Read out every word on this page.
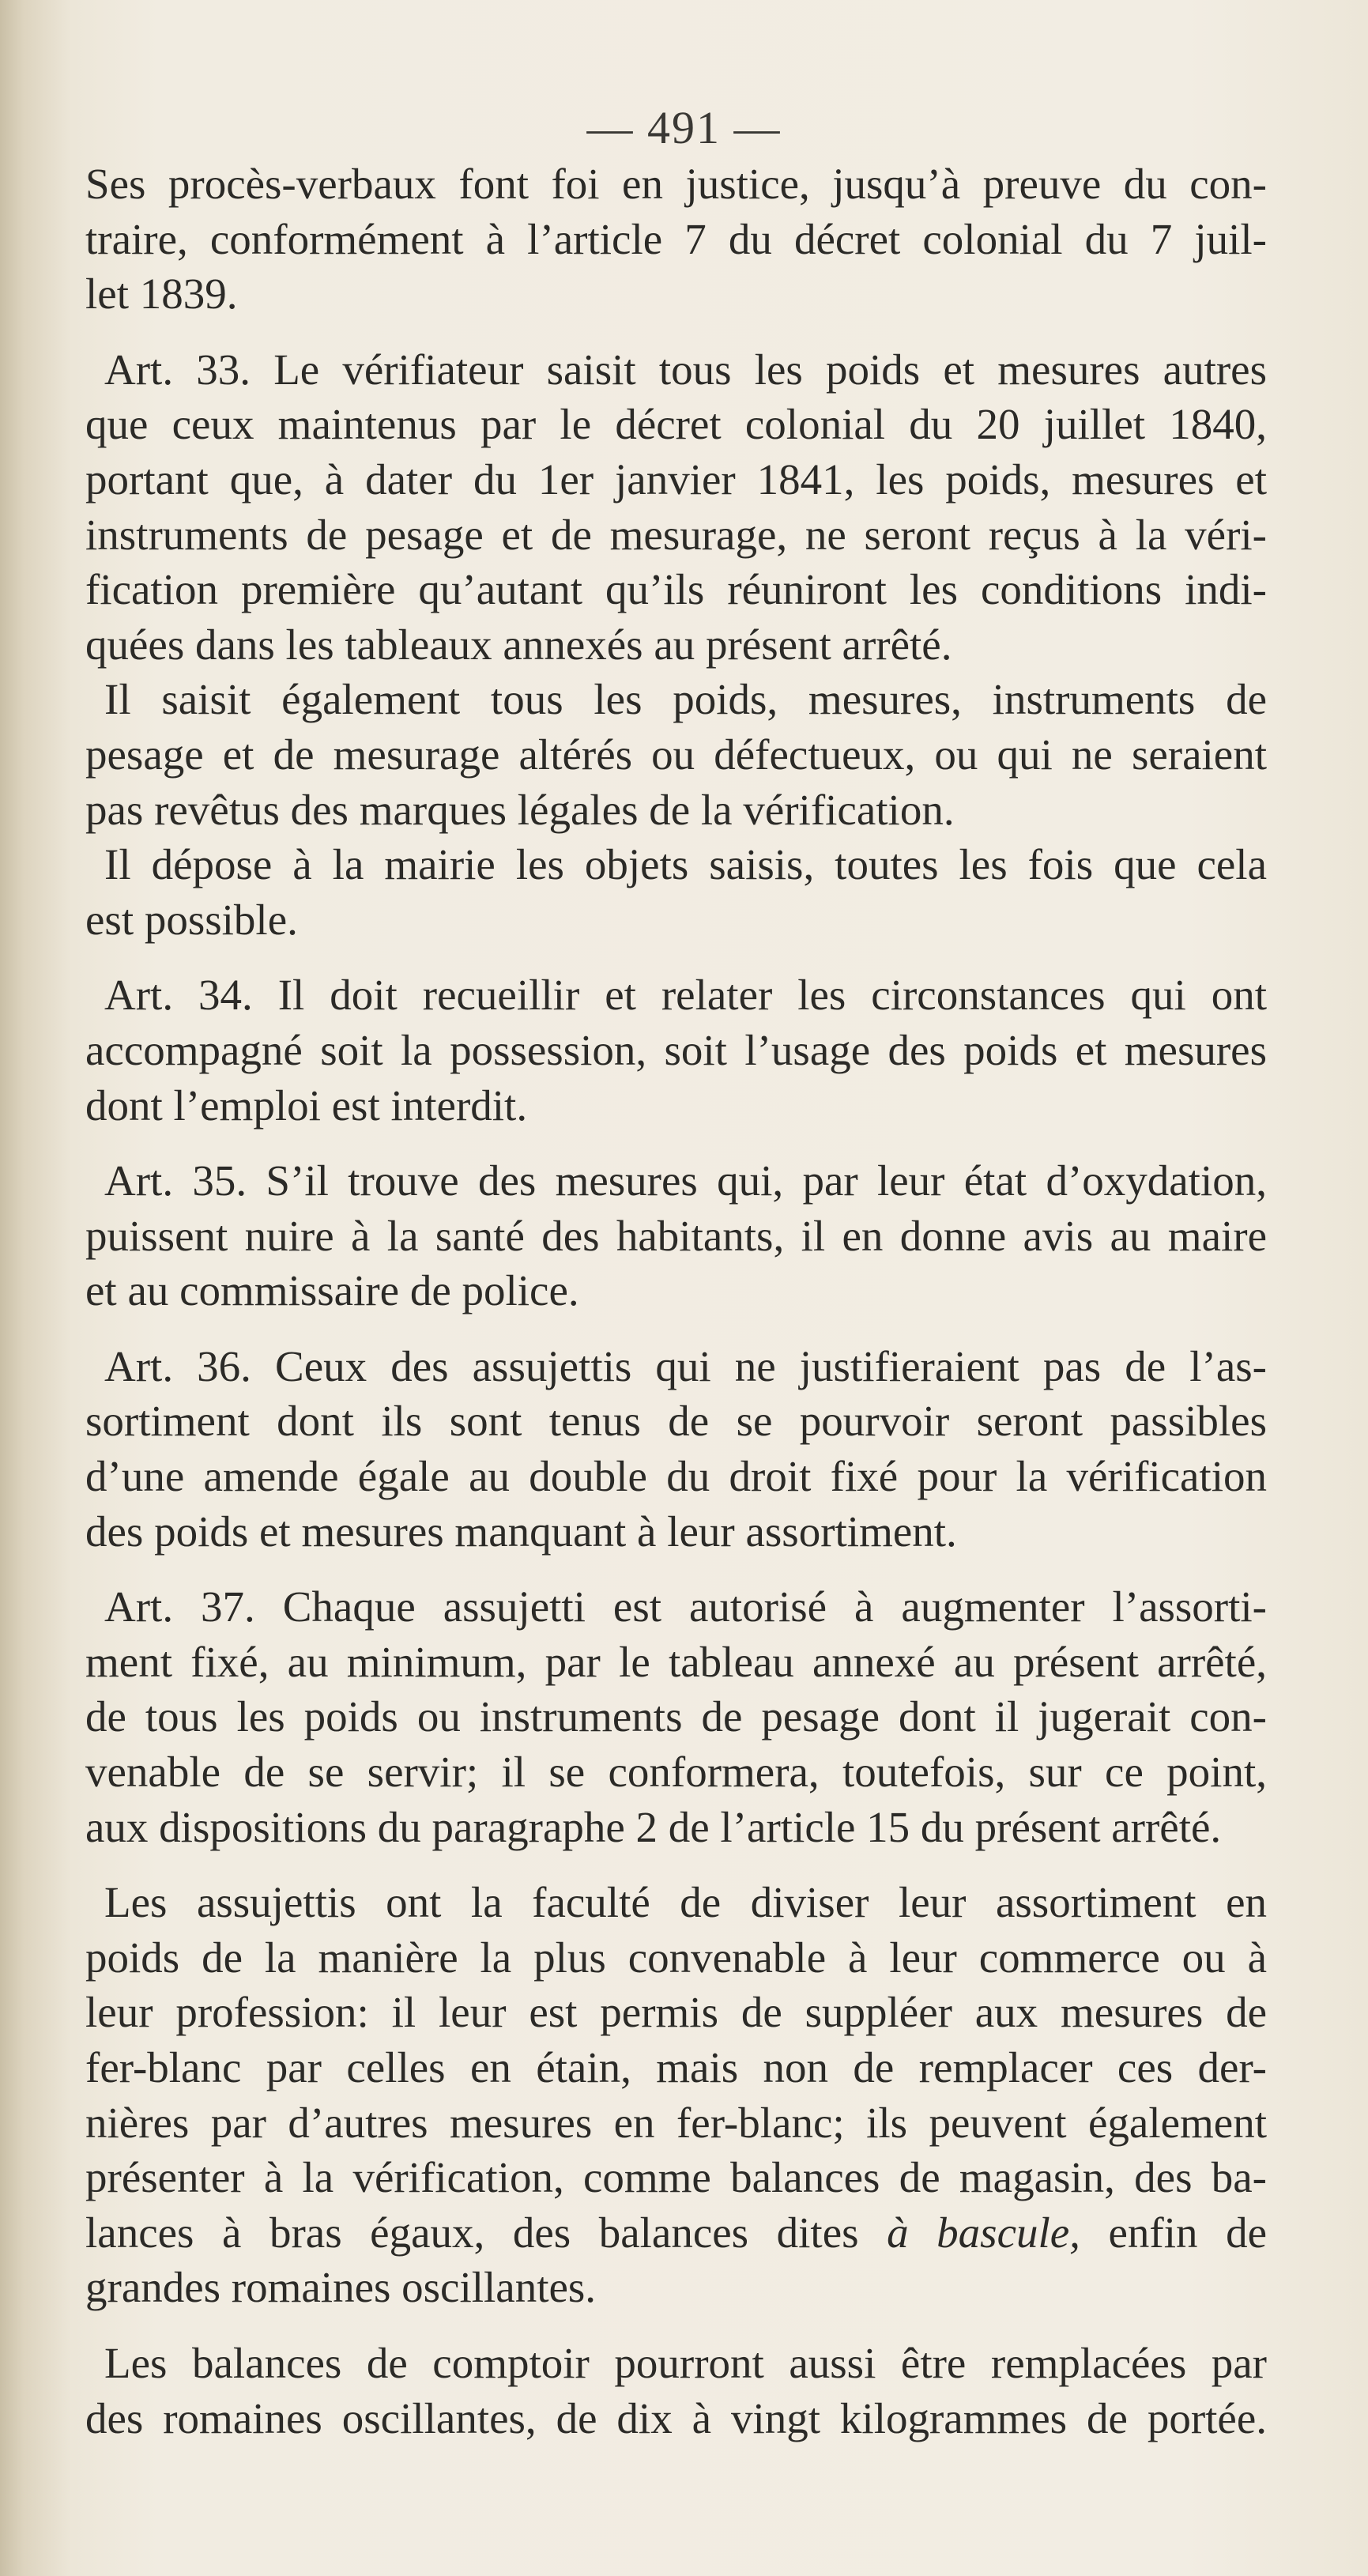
— 491 —

Ses procès-verbaux font foi en justice, jusqu’à preuve du con-
traire, conformément à l’article 7 du décret colonial du 7 juil-
let 1839.

Art. 33. Le vérifiateur saisit tous les poids et mesures autres
que ceux maintenus par le décret colonial du 20 juillet 1840,
portant que, à dater du 1er janvier 1841, les poids, mesures et
instruments de pesage et de mesurage, ne seront reçus à la véri-
fication première qu’autant qu’ils réuniront les conditions indi-
quées dans les tableaux annexés au présent arrêté.

Il saisit également tous les poids, mesures, instruments de
pesage et de mesurage altérés ou défectueux, ou qui ne seraient
pas revêtus des marques légales de la vérification.

Il dépose à la mairie les objets saisis, toutes les fois que cela
est possible.

Art. 34. Il doit recueillir et relater les circonstances qui ont
accompagné soit la possession, soit l’usage des poids et mesures
dont l’emploi est interdit.

Art. 35. S’il trouve des mesures qui, par leur état d’oxydation,
puissent nuire à la santé des habitants, il en donne avis au maire
et au commissaire de police.

Art. 36. Ceux des assujettis qui ne justifieraient pas de l’as-
sortiment dont ils sont tenus de se pourvoir seront passibles
d’une amende égale au double du droit fixé pour la vérification
des poids et mesures manquant à leur assortiment.

Art. 37. Chaque assujetti est autorisé à augmenter l’assorti-
ment fixé, au minimum, par le tableau annexé au présent arrêté,
de tous les poids ou instruments de pesage dont il jugerait con-
venable de se servir; il se conformera, toutefois, sur ce point,
aux dispositions du paragraphe 2 de l’article 15 du présent arrêté.

Les assujettis ont la faculté de diviser leur assortiment en
poids de la manière la plus convenable à leur commerce ou à
leur profession: il leur est permis de suppléer aux mesures de
fer-blanc par celles en étain, mais non de remplacer ces der-
nières par d’autres mesures en fer-blanc; ils peuvent également
présenter à la vérification, comme balances de magasin, des ba-
lances à bras égaux, des balances dites à bascule, enfin de
grandes romaines oscillantes.

Les balances de comptoir pourront aussi être remplacées par
des romaines oscillantes, de dix à vingt kilogrammes de portée.
